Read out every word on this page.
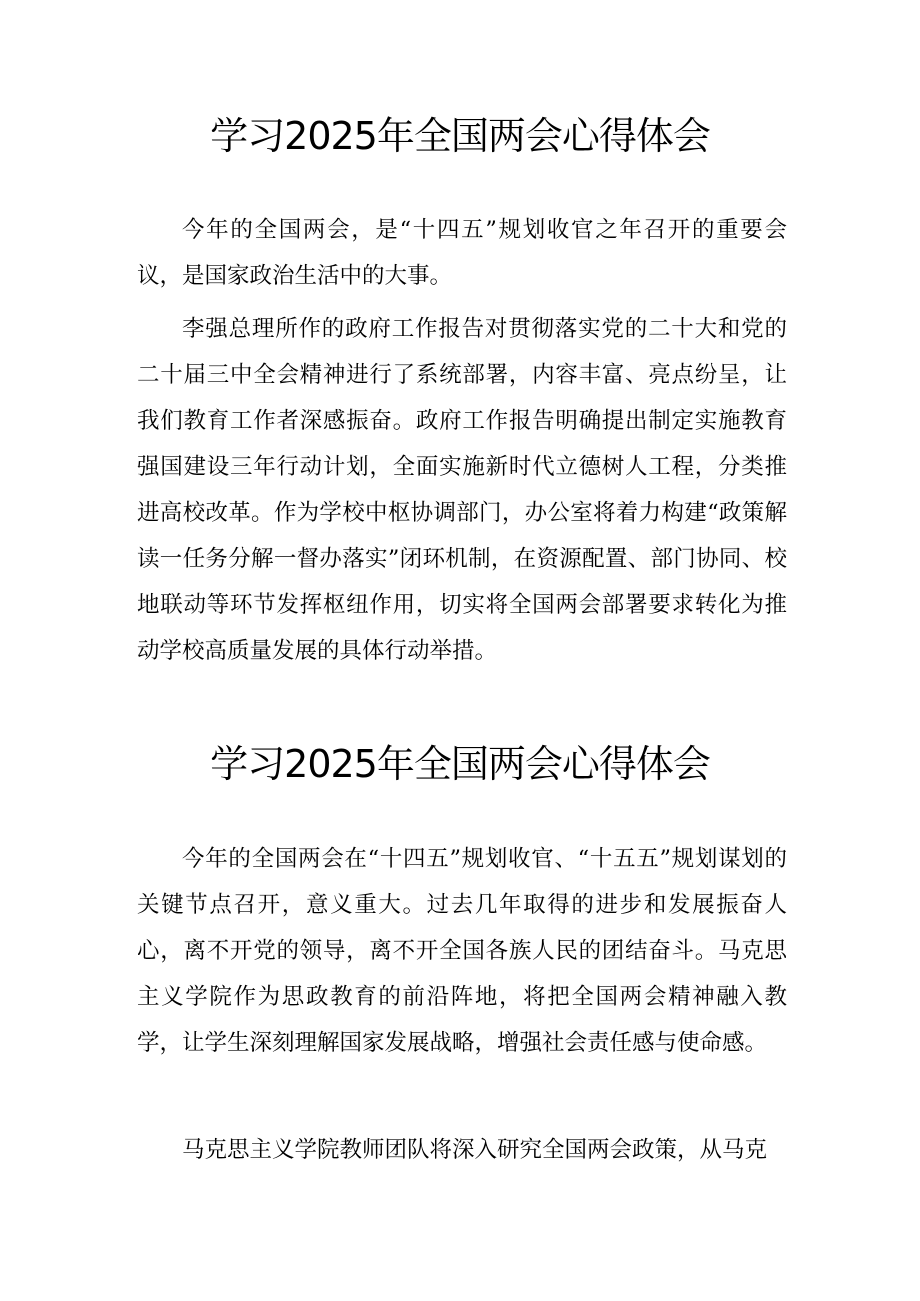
学习2025年全国两会心得体会

今年的全国两会，是“十四五”规划收官之年召开的重要会议，是国家政治生活中的大事。

李强总理所作的政府工作报告对贯彻落实党的二十大和党的二十届三中全会精神进行了系统部署，内容丰富、亮点纷呈，让我们教育工作者深感振奋。政府工作报告明确提出制定实施教育强国建设三年行动计划，全面实施新时代立德树人工程，分类推进高校改革。作为学校中枢协调部门，办公室将着力构建“政策解读一任务分解一督办落实”闭环机制，在资源配置、部门协同、校地联动等环节发挥枢纽作用，切实将全国两会部署要求转化为推动学校高质量发展的具体行动举措。

学习2025年全国两会心得体会

今年的全国两会在“十四五”规划收官、“十五五”规划谋划的关键节点召开，意义重大。过去几年取得的进步和发展振奋人心，离不开党的领导，离不开全国各族人民的团结奋斗。马克思主义学院作为思政教育的前沿阵地，将把全国两会精神融入教学，让学生深刻理解国家发展战略，增强社会责任感与使命感。

马克思主义学院教师团队将深入研究全国两会政策，从马克
